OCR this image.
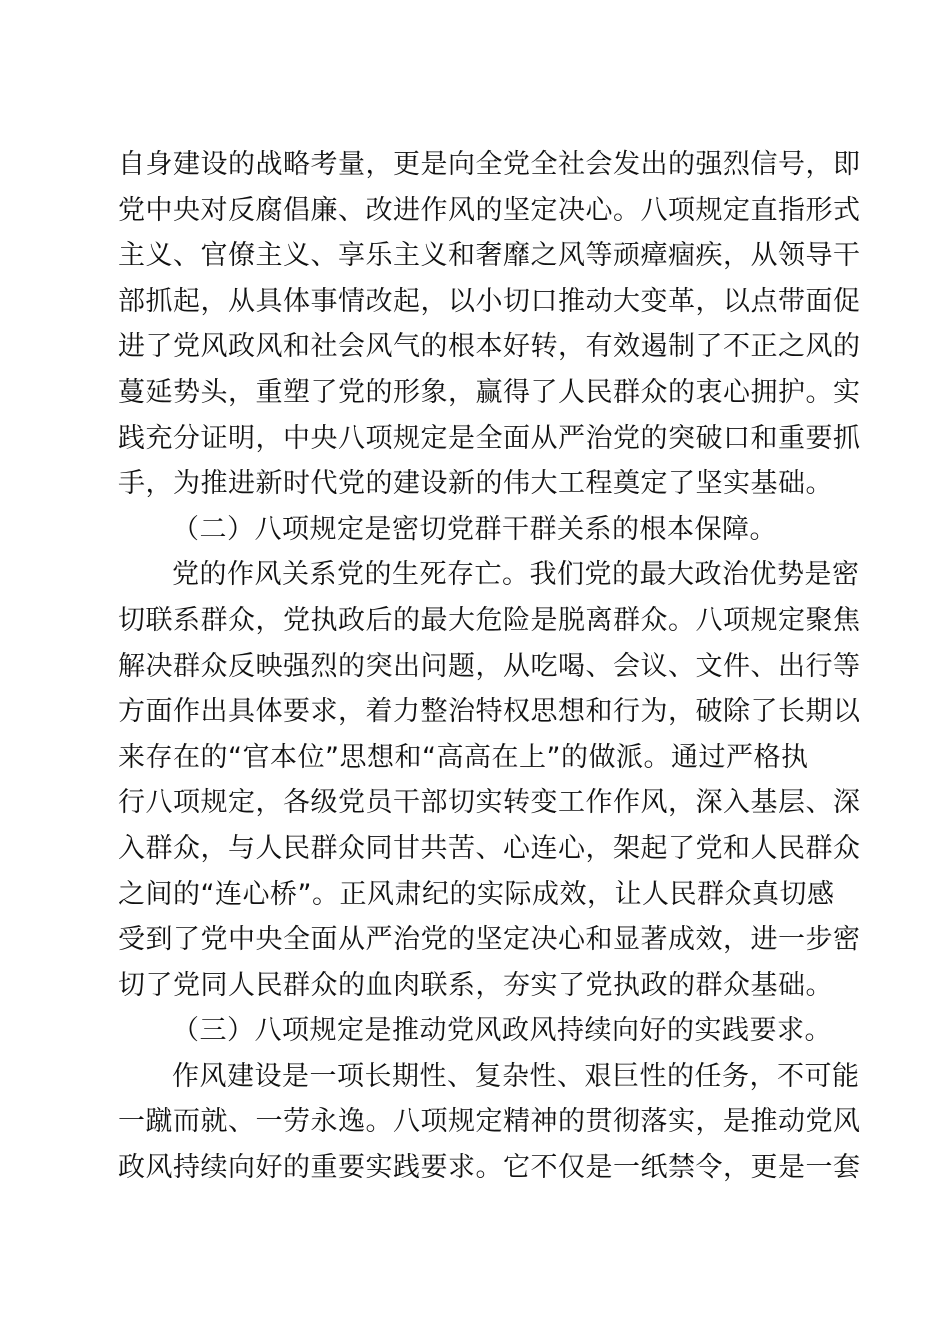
自身建设的战略考量，更是向全党全社会发出的强烈信号，即
党中央对反腐倡廉、改进作风的坚定决心。八项规定直指形式
主义、官僚主义、享乐主义和奢靡之风等顽瘴痼疾，从领导干
部抓起，从具体事情改起，以小切口推动大变革，以点带面促
进了党风政风和社会风气的根本好转，有效遏制了不正之风的
蔓延势头，重塑了党的形象，赢得了人民群众的衷心拥护。实
践充分证明，中央八项规定是全面从严治党的突破口和重要抓
手，为推进新时代党的建设新的伟大工程奠定了坚实基础。
（二）八项规定是密切党群干群关系的根本保障。
党的作风关系党的生死存亡。我们党的最大政治优势是密
切联系群众，党执政后的最大危险是脱离群众。八项规定聚焦
解决群众反映强烈的突出问题，从吃喝、会议、文件、出行等
方面作出具体要求，着力整治特权思想和行为，破除了长期以
来存在的“官本位”思想和“高高在上”的做派。通过严格执
行八项规定，各级党员干部切实转变工作作风，深入基层、深
入群众，与人民群众同甘共苦、心连心，架起了党和人民群众
之间的“连心桥”。正风肃纪的实际成效，让人民群众真切感
受到了党中央全面从严治党的坚定决心和显著成效，进一步密
切了党同人民群众的血肉联系，夯实了党执政的群众基础。
（三）八项规定是推动党风政风持续向好的实践要求。
作风建设是一项长期性、复杂性、艰巨性的任务，不可能
一蹴而就、一劳永逸。八项规定精神的贯彻落实，是推动党风
政风持续向好的重要实践要求。它不仅是一纸禁令，更是一套
